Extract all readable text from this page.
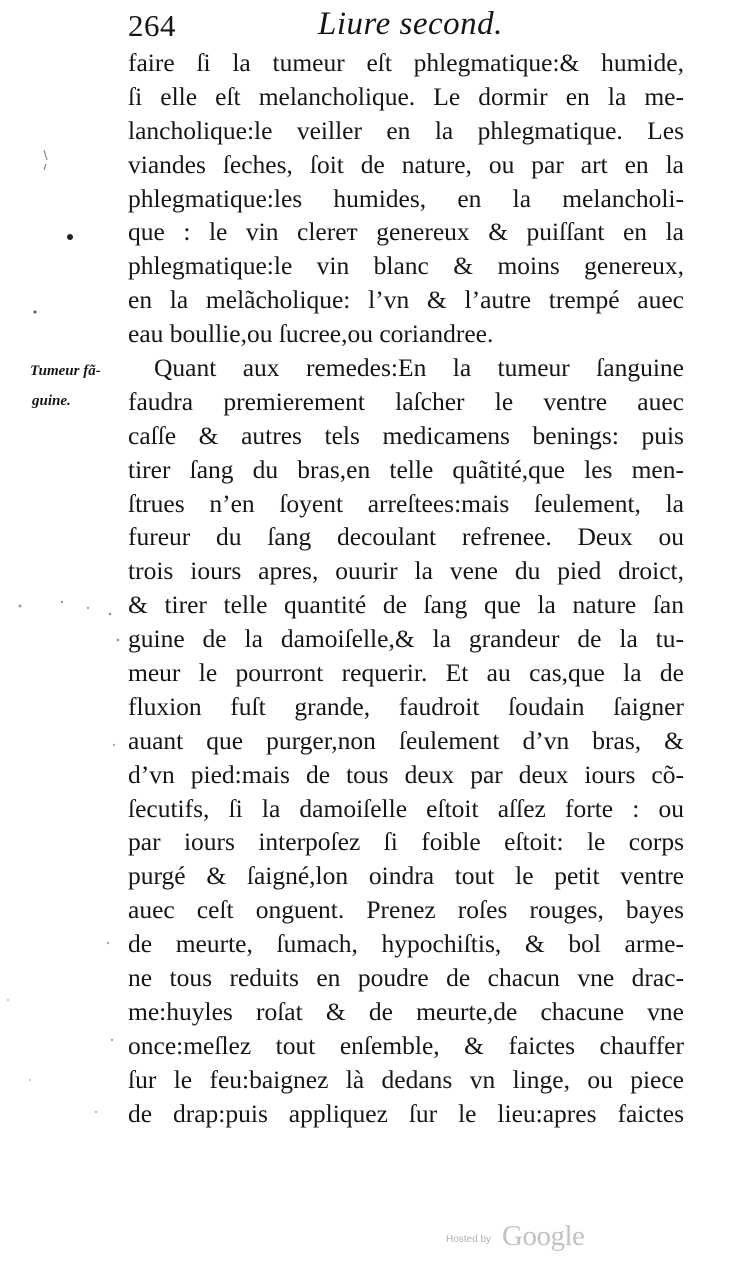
264	Liure second.
Tumeur fã-
guine.
faire ſi la tumeur eſt phlegmatique:& humide,
ſi elle eſt melancholique. Le dormir en la me-
lancholique:le veiller en la phlegmatique. Les
viandes ſeches, ſoit de nature, ou par art en la
phlegmatique:les humides, en la melancholi-
que : le vin clerет genereux & puiſſant en la
phlegmatique:le vin blanc & moins genereux,
en la melãcholique: l’vn & l’autre trempé auec
eau boullie,ou ſucree,ou coriandree.
Quant aux remedes:En la tumeur ſanguine
faudra premierement laſcher le ventre auec
caſſe & autres tels medicamens benings: puis
tirer ſang du bras,en telle quãtité,que les men-
ſtrues n’en ſoyent arreſtees:mais ſeulement, la
fureur du ſang decoulant refrenee. Deux ou
trois iours apres, ouurir la vene du pied droict,
& tirer telle quantité de ſang que la nature ſan
guine de la damoiſelle,& la grandeur de la tu-
meur le pourront requerir. Et au cas,que la de
fluxion fuſt grande, faudroit ſoudain ſaigner
auant que purger,non ſeulement d’vn bras, &
d’vn pied:mais de tous deux par deux iours cõ-
ſecutifs, ſi la damoiſelle eſtoit aſſez forte : ou
par iours interpoſez ſi foible eſtoit: le corps
purgé & ſaigné,lon oindra tout le petit ventre
auec ceſt onguent. Prenez roſes rouges, bayes
de meurte, ſumach, hypochiſtis, & bol arme-
ne tous reduits en poudre de chacun vne drac-
me:huyles roſat & de meurte,de chacune vne
once:meſlez tout enſemble, & faictes chauffer
ſur le feu:baignez là dedans vn linge, ou piece
de drap:puis appliquez ſur le lieu:apres faictes
Hosted by Google
